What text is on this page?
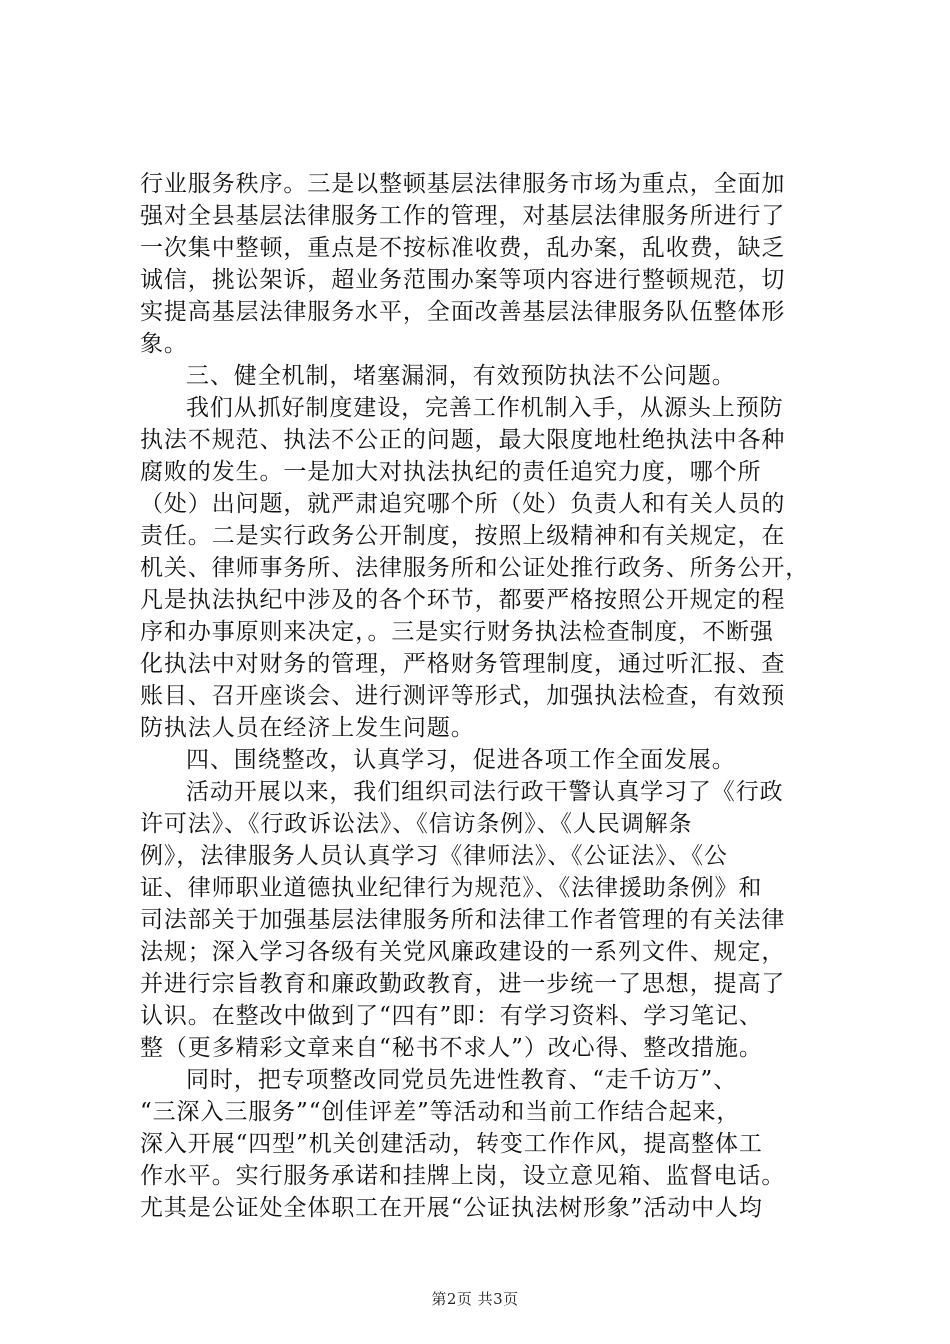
行业服务秩序。三是以整顿基层法律服务市场为重点，全面加
强对全县基层法律服务工作的管理，对基层法律服务所进行了
一次集中整顿，重点是不按标准收费，乱办案，乱收费，缺乏
诚信，挑讼架诉，超业务范围办案等项内容进行整顿规范，切
实提高基层法律服务水平，全面改善基层法律服务队伍整体形
象。
三、健全机制，堵塞漏洞，有效预防执法不公问题。
我们从抓好制度建设，完善工作机制入手，从源头上预防
执法不规范、执法不公正的问题，最大限度地杜绝执法中各种
腐败的发生。一是加大对执法执纪的责任追究力度，哪个所
（处）出问题，就严肃追究哪个所（处）负责人和有关人员的
责任。二是实行政务公开制度，按照上级精神和有关规定，在
机关、律师事务所、法律服务所和公证处推行政务、所务公开，
凡是执法执纪中涉及的各个环节，都要严格按照公开规定的程
序和办事原则来决定，。三是实行财务执法检查制度，不断强
化执法中对财务的管理，严格财务管理制度，通过听汇报、查
账目、召开座谈会、进行测评等形式，加强执法检查，有效预
防执法人员在经济上发生问题。
四、围绕整改，认真学习，促进各项工作全面发展。
活动开展以来，我们组织司法行政干警认真学习了《行政
许可法》、《行政诉讼法》、《信访条例》、《人民调解条
例》，法律服务人员认真学习《律师法》、《公证法》、《公
证、律师职业道德执业纪律行为规范》、《法律援助条例》和
司法部关于加强基层法律服务所和法律工作者管理的有关法律
法规；深入学习各级有关党风廉政建设的一系列文件、规定，
并进行宗旨教育和廉政勤政教育，进一步统一了思想，提高了
认识。在整改中做到了“四有”即：有学习资料、学习笔记、
整（更多精彩文章来自“秘书不求人”）改心得、整改措施。
同时，把专项整改同党员先进性教育、“走千访万”、
“三深入三服务”“创佳评差”等活动和当前工作结合起来，
深入开展“四型”机关创建活动，转变工作作风，提高整体工
作水平。实行服务承诺和挂牌上岗，设立意见箱、监督电话。
尤其是公证处全体职工在开展“公证执法树形象”活动中人均
第2页 共3页
